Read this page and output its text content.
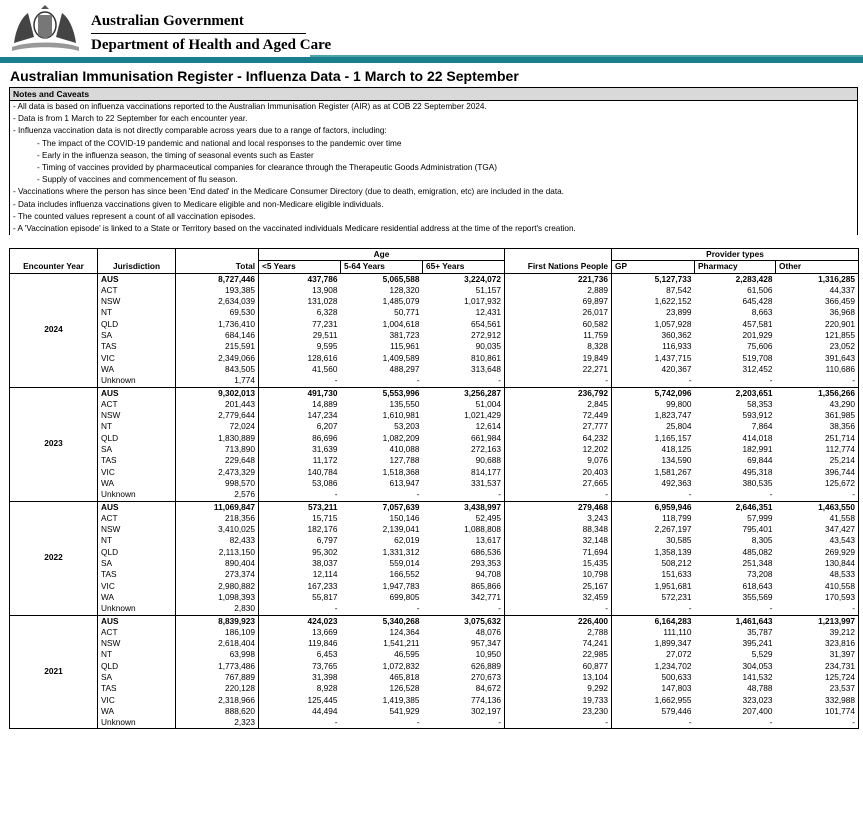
Australian Government
Department of Health and Aged Care
Australian Immunisation Register - Influenza Data - 1 March to 22 September
Notes and Caveats
- All data is based on influenza vaccinations reported to the Australian Immunisation Register (AIR) as at COB 22 September 2024.
- Data is from 1 March to 22 September for each encounter year.
- Influenza vaccination data is not directly comparable across years due to a range of factors, including:
- The impact of the COVID-19 pandemic and national and local responses to the pandemic over time
- Early in the influenza season, the timing of seasonal events such as Easter
- Timing of vaccines provided by pharmaceutical companies for clearance through the Therapeutic Goods Administration (TGA)
- Supply of vaccines and commencement of flu season.
- Vaccinations where the person has since been 'End dated' in the Medicare Consumer Directory (due to death, emigration, etc) are included in the data.
- Data includes influenza vaccinations given to Medicare eligible and non-Medicare eligible individuals.
- The counted values represent a count of all vaccination episodes.
- A 'Vaccination episode' is linked to a State or Territory based on the vaccinated individuals Medicare residential address at the time of the report's creation.
			Age				Provider types		
Encounter Year	Jurisdiction	Total	<5 Years	5-64 Years	65+ Years	First Nations People	GP	Pharmacy	Other
2024	AUS	8,727,446	437,786	5,065,588	3,224,072	221,736	5,127,733	2,283,428	1,316,285
	ACT	193,385	13,908	128,320	51,157	2,889	87,542	61,506	44,337
	NSW	2,634,039	131,028	1,485,079	1,017,932	69,897	1,622,152	645,428	366,459
	NT	69,530	6,328	50,771	12,431	26,017	23,899	8,663	36,968
	QLD	1,736,410	77,231	1,004,618	654,561	60,582	1,057,928	457,581	220,901
	SA	684,146	29,511	381,723	272,912	11,759	360,362	201,929	121,855
	TAS	215,591	9,595	115,961	90,035	8,328	116,933	75,606	23,052
	VIC	2,349,066	128,616	1,409,589	810,861	19,849	1,437,715	519,708	391,643
	WA	843,505	41,560	488,297	313,648	22,271	420,367	312,452	110,686
	Unknown	1,774	-	-	-	-	-	-	-
2023	AUS	9,302,013	491,730	5,553,996	3,256,287	236,792	5,742,096	2,203,651	1,356,266
	ACT	201,443	14,889	135,550	51,004	2,845	99,800	58,353	43,290
	NSW	2,779,644	147,234	1,610,981	1,021,429	72,449	1,823,747	593,912	361,985
	NT	72,024	6,207	53,203	12,614	27,777	25,804	7,864	38,356
	QLD	1,830,889	86,696	1,082,209	661,984	64,232	1,165,157	414,018	251,714
	SA	713,890	31,639	410,088	272,163	12,202	418,125	182,991	112,774
	TAS	229,648	11,172	127,788	90,688	9,076	134,590	69,844	25,214
	VIC	2,473,329	140,784	1,518,368	814,177	20,403	1,581,267	495,318	396,744
	WA	998,570	53,086	613,947	331,537	27,665	492,363	380,535	125,672
	Unknown	2,576	-	-	-	-	-	-	-
2022	AUS	11,069,847	573,211	7,057,639	3,438,997	279,468	6,959,946	2,646,351	1,463,550
	ACT	218,356	15,715	150,146	52,495	3,243	118,799	57,999	41,558
	NSW	3,410,025	182,176	2,139,041	1,088,808	88,348	2,267,197	795,401	347,427
	NT	82,433	6,797	62,019	13,617	32,148	30,585	8,305	43,543
	QLD	2,113,150	95,302	1,331,312	686,536	71,694	1,358,139	485,082	269,929
	SA	890,404	38,037	559,014	293,353	15,435	508,212	251,348	130,844
	TAS	273,374	12,114	166,552	94,708	10,798	151,633	73,208	48,533
	VIC	2,980,882	167,233	1,947,783	865,866	25,167	1,951,681	618,643	410,558
	WA	1,098,393	55,817	699,805	342,771	32,459	572,231	355,569	170,593
	Unknown	2,830	-	-	-	-	-	-	-
2021	AUS	8,839,923	424,023	5,340,268	3,075,632	226,400	6,164,283	1,461,643	1,213,997
	ACT	186,109	13,669	124,364	48,076	2,788	111,110	35,787	39,212
	NSW	2,618,404	119,846	1,541,211	957,347	74,241	1,899,347	395,241	323,816
	NT	63,998	6,453	46,595	10,950	22,985	27,072	5,529	31,397
	QLD	1,773,486	73,765	1,072,832	626,889	60,877	1,234,702	304,053	234,731
	SA	767,889	31,398	465,818	270,673	13,104	500,633	141,532	125,724
	TAS	220,128	8,928	126,528	84,672	9,292	147,803	48,788	23,537
	VIC	2,318,966	125,445	1,419,385	774,136	19,733	1,662,955	323,023	332,988
	WA	888,620	44,494	541,929	302,197	23,230	579,446	207,400	101,774
	Unknown	2,323	-	-	-	-	-	-	-
